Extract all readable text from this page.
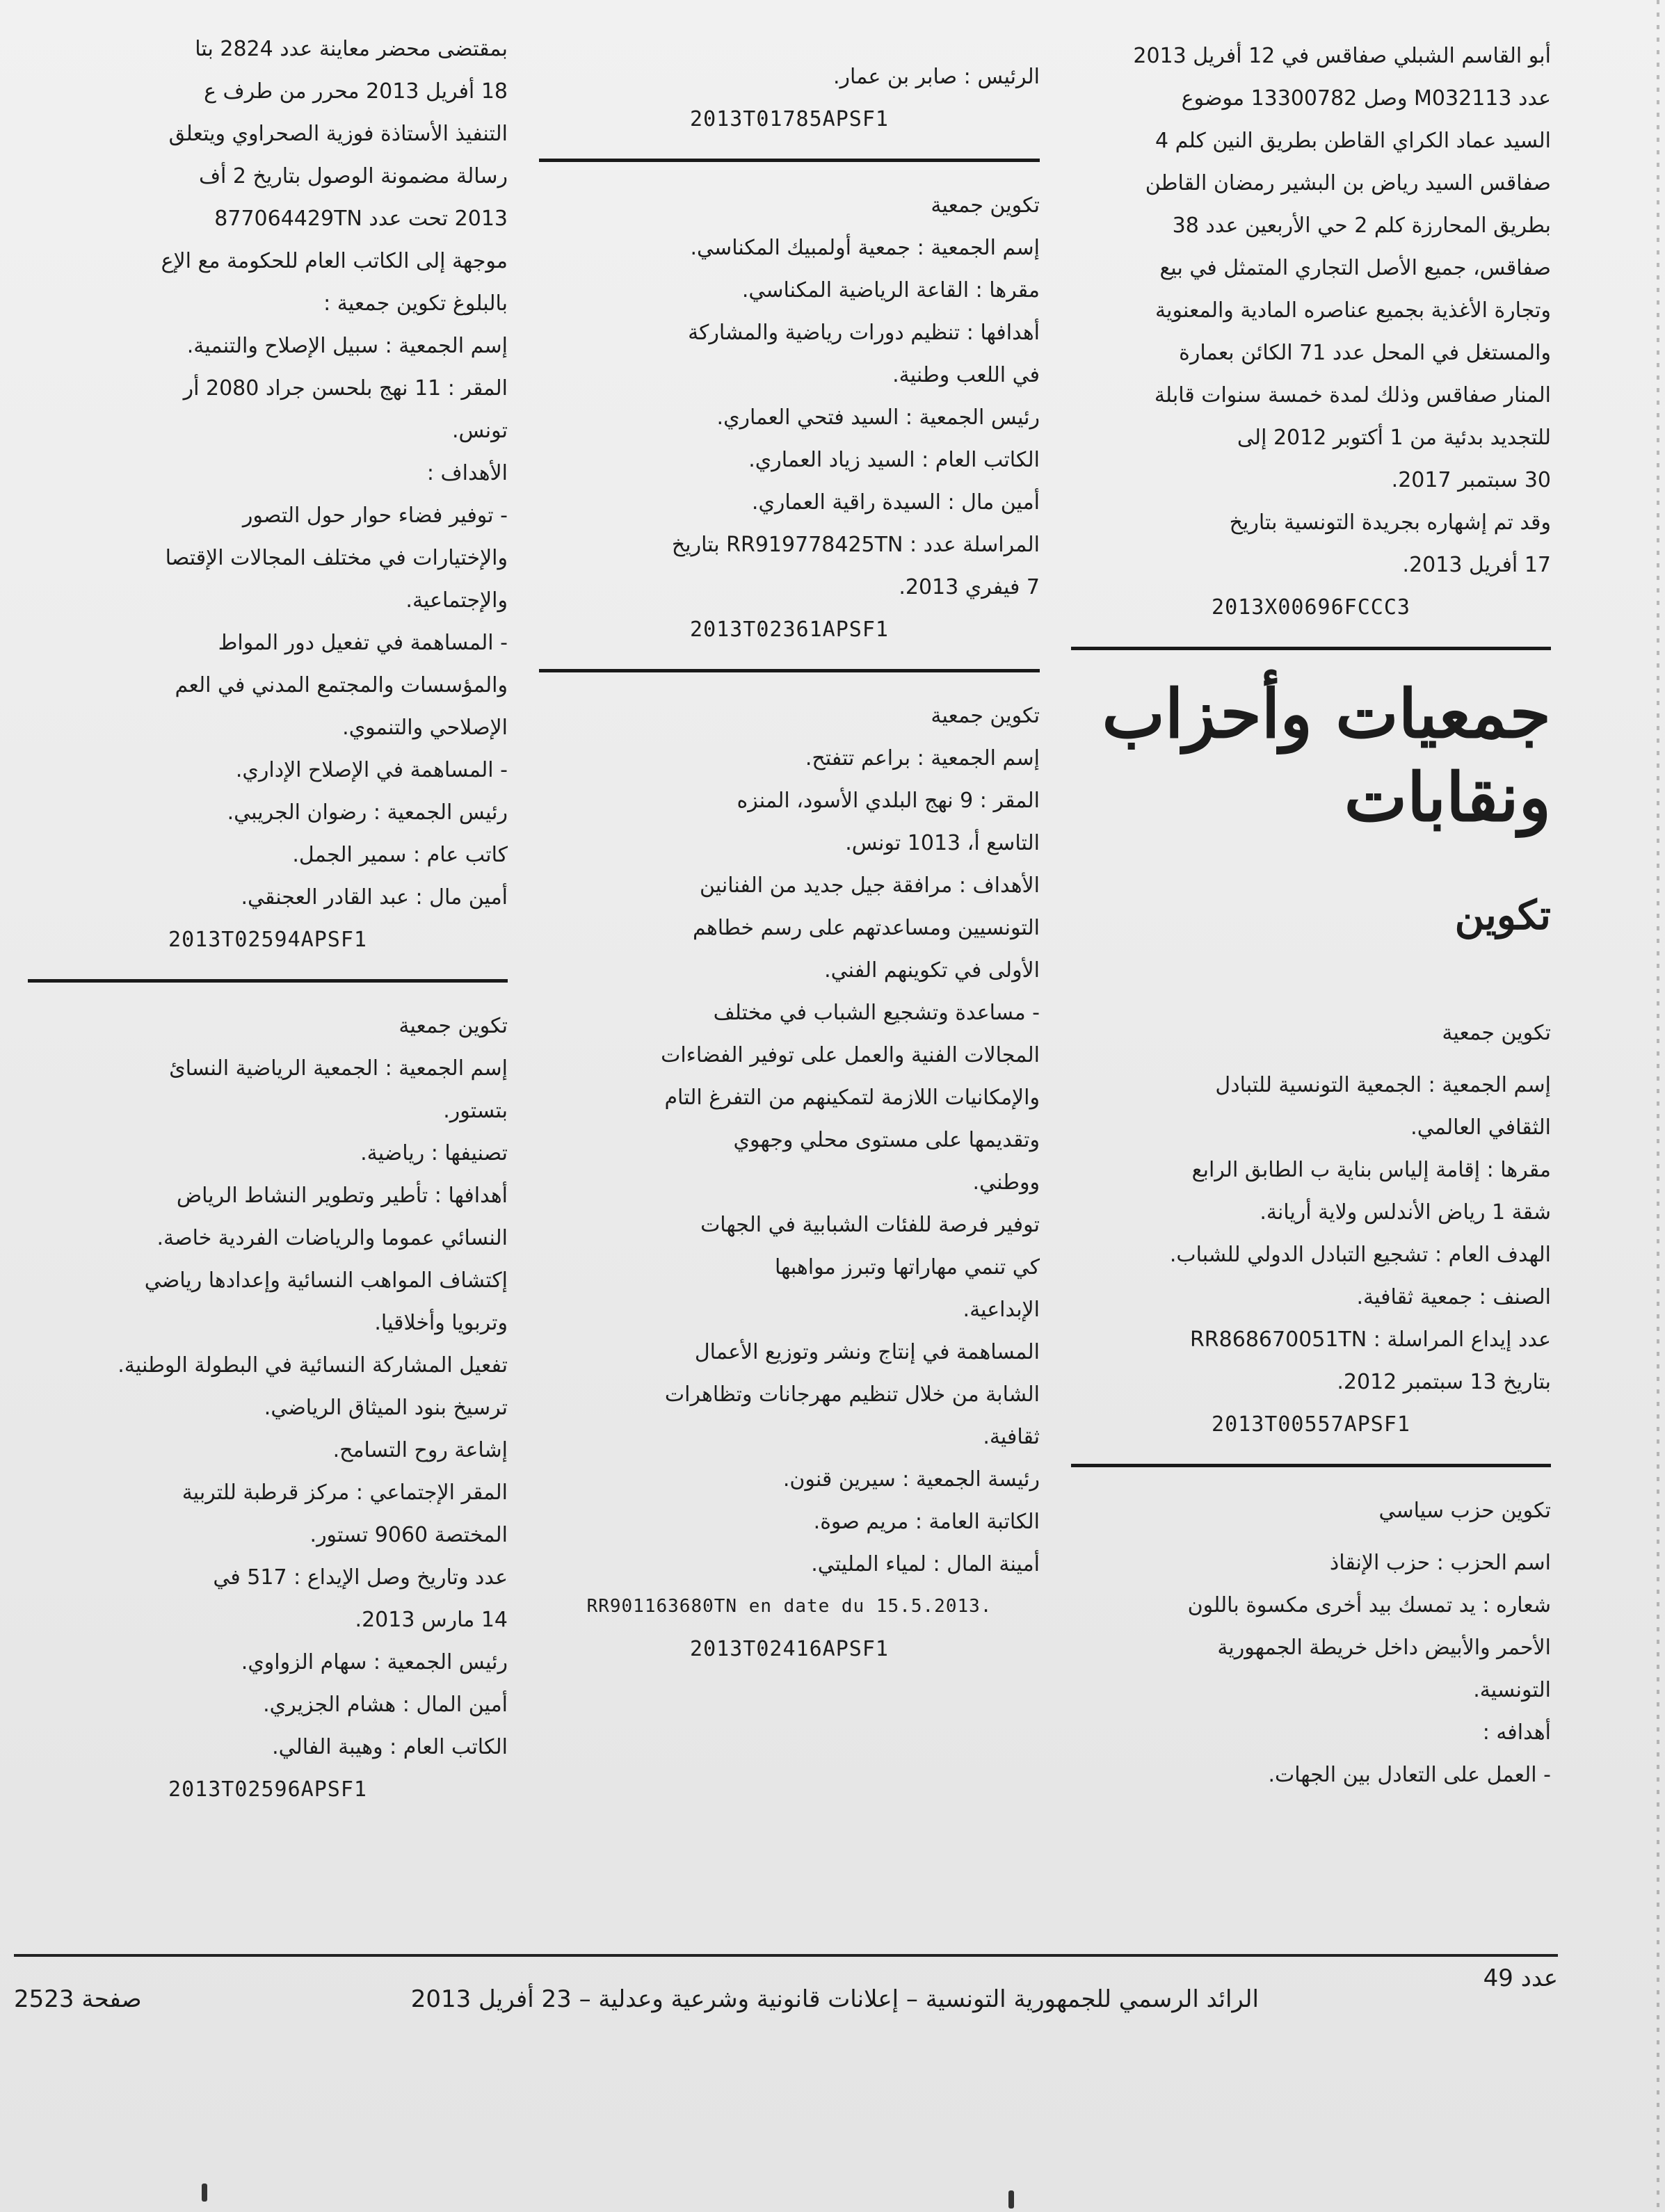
أبو القاسم الشبلي صفاقس في 12 أفريل 2013
عدد M032113 وصل 13300782 موضوع
السيد عماد الكراي القاطن بطريق النين كلم 4
صفاقس السيد رياض بن البشير رمضان القاطن
بطريق المحارزة كلم 2 حي الأربعين عدد 38
صفاقس، جميع الأصل التجاري المتمثل في بيع
وتجارة الأغذية بجميع عناصره المادية والمعنوية
والمستغل في المحل عدد 71 الكائن بعمارة
المنار صفاقس وذلك لمدة خمسة سنوات قابلة
للتجديد بدئية من 1 أكتوبر 2012 إلى
30 سبتمبر 2017.
وقد تم إشهاره بجريدة التونسية بتاريخ
17 أفريل 2013.
2013X00696FCCC3
جمعيات وأحزاب
ونقابات
تكوين
تكوين جمعية
إسم الجمعية : الجمعية التونسية للتبادل
الثقافي العالمي.
مقرها : إقامة إلياس بناية ب الطابق الرابع
شقة 1 رياض الأندلس ولاية أريانة.
الهدف العام : تشجيع التبادل الدولي للشباب.
الصنف : جمعية ثقافية.
عدد إيداع المراسلة : RR868670051TN
بتاريخ 13 سبتمبر 2012.
2013T00557APSF1
تكوين حزب سياسي
اسم الحزب : حزب الإنقاذ
شعاره : يد تمسك بيد أخرى مكسوة باللون
الأحمر والأبيض داخل خريطة الجمهورية
التونسية.
أهدافه :
- العمل على التعادل بين الجهات.
الرئيس : صابر بن عمار.
2013T01785APSF1
تكوين جمعية
إسم الجمعية : جمعية أولمبيك المكناسي.
مقرها : القاعة الرياضية المكناسي.
أهدافها : تنظيم دورات رياضية والمشاركة
في اللعب وطنية.
رئيس الجمعية : السيد فتحي العماري.
الكاتب العام : السيد زياد العماري.
أمين مال : السيدة راقية العماري.
المراسلة عدد : RR919778425TN بتاريخ
7 فيفري 2013.
2013T02361APSF1
تكوين جمعية
إسم الجمعية : براعم تتفتح.
المقر : 9 نهج البلدي الأسود، المنزه
التاسع أ، 1013 تونس.
الأهداف : مرافقة جيل جديد من الفنانين
التونسيين ومساعدتهم على رسم خطاهم
الأولى في تكوينهم الفني.
- مساعدة وتشجيع الشباب في مختلف
المجالات الفنية والعمل على توفير الفضاءات
والإمكانيات اللازمة لتمكينهم من التفرغ التام
وتقديمها على مستوى محلي وجهوي
ووطني.
توفير فرصة للفئات الشبابية في الجهات
كي تنمي مهاراتها وتبرز مواهبها
الإبداعية.
المساهمة في إنتاج ونشر وتوزيع الأعمال
الشابة من خلال تنظيم مهرجانات وتظاهرات
ثقافية.
رئيسة الجمعية : سيرين قنون.
الكاتبة العامة : مريم صوة.
أمينة المال : لمياء المليتي.
RR901163680TN en date du 15.5.2013.
2013T02416APSF1
بمقتضى محضر معاينة عدد 2824 بتا
18 أفريل 2013 محرر من طرف ع
التنفيذ الأستاذة فوزية الصحراوي ويتعلق
رسالة مضمونة الوصول بتاريخ 2 أف
2013 تحت عدد 877064429TN
موجهة إلى الكاتب العام للحكومة مع الإع
بالبلوغ تكوين جمعية :
إسم الجمعية : سبيل الإصلاح والتنمية.
المقر : 11 نهج بلحسن جراد 2080 أر
تونس.
الأهداف :
- توفير فضاء حوار حول التصور
والإختيارات في مختلف المجالات الإقتصا
والإجتماعية.
- المساهمة في تفعيل دور المواط
والمؤسسات والمجتمع المدني في العم
الإصلاحي والتنموي.
- المساهمة في الإصلاح الإداري.
رئيس الجمعية : رضوان الجريبي.
كاتب عام : سمير الجمل.
أمين مال : عبد القادر العجنقي.
2013T02594APSF1
تكوين جمعية
إسم الجمعية : الجمعية الرياضية النسائ
بتستور.
تصنيفها : رياضية.
أهدافها : تأطير وتطوير النشاط الرياض
النسائي عموما والرياضات الفردية خاصة.
إكتشاف المواهب النسائية وإعدادها رياضي
وتربويا وأخلاقيا.
تفعيل المشاركة النسائية في البطولة الوطنية.
ترسيخ بنود الميثاق الرياضي.
إشاعة روح التسامح.
المقر الإجتماعي : مركز قرطبة للتربية
المختصة 9060 تستور.
عدد وتاريخ وصل الإيداع : 517 في
14 مارس 2013.
رئيس الجمعية : سهام الزواوي.
أمين المال : هشام الجزيري.
الكاتب العام : وهيبة الفالي.
2013T02596APSF1
عدد 49
الرائد الرسمي للجمهورية التونسية – إعلانات قانونية وشرعية وعدلية – 23 أفريل 2013
صفحة 2523
